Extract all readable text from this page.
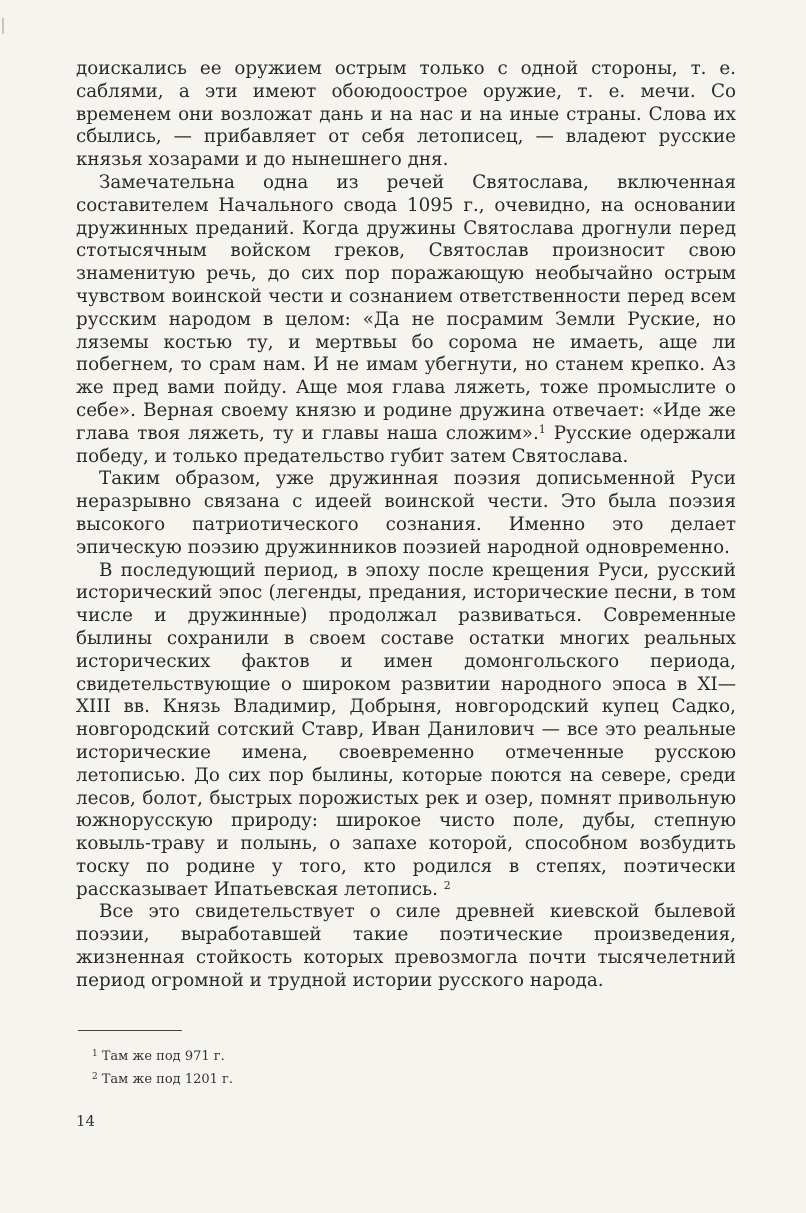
доискались ее оружием острым только с одной стороны, т. е. саблями, а эти имеют обоюдоострое оружие, т. е. мечи. Со временем они возложат дань и на нас и на иные страны. Слова их сбылись, — прибавляет от себя летописец, — владеют русские князья хозарами и до нынешнего дня.

Замечательна одна из речей Святослава, включенная составителем Начального свода 1095 г., очевидно, на основании дружинных преданий. Когда дружины Святослава дрогнули перед стотысячным войском греков, Святослав произносит свою знаменитую речь, до сих пор поражающую необычайно острым чувством воинской чести и сознанием ответственности перед всем русским народом в целом: «Да не посрамим Земли Руские, но ляземы костью ту, и мертвьы бо сорома не имаеть, аще ли побегнем, то срам нам. И не имам убегнути, но станем крепко. Аз же пред вами пойду. Аще моя глава ляжеть, тоже промыслите о себе». Верная своему князю и родине дружина отвечает: «Иде же глава твоя ляжеть, ту и главы наша сложим».$^1$ Русские одержали победу, и только предательство губит затем Святослава.

Таким образом, уже дружинная поэзия дописьменной Руси неразрывно связана с идеей воинской чести. Это была поэзия высокого патриотического сознания. Именно это делает эпическую поэзию дружинников поэзией народной одновременно.

В последующий период, в эпоху после крещения Руси, русский исторический эпос (легенды, предания, исторические песни, в том числе и дружинные) продолжал развиваться. Современные былины сохранили в своем составе остатки многих реальных исторических фактов и имен домонгольского периода, свидетельствующие о широком развитии народного эпоса в XI—XIII вв. Князь Владимир, Добрыня, новгородский купец Садко, новгородский сотский Ставр, Иван Данилович — все это реальные исторические имена, своевременно отмеченные русскою летописью. До сих пор былины, которые поются на севере, среди лесов, болот, быстрых порожистых рек и озер, помнят привольную южнорусскую природу: широкое чисто поле, дубы, степную ковыль-траву и полынь, о запахе которой, способном возбудить тоску по родине у того, кто родился в степях, поэтически рассказывает Ипатьевская летопись. $^2$

Все это свидетельствует о силе древней киевской былевой поэзии, выработавшей такие поэтические произведения, жизненная стойкость которых превозмогла почти тысячелетний период огромной и трудной истории русского народа.

$^1$ Там же под 971 г.
$^2$ Там же под 1201 г.
14
